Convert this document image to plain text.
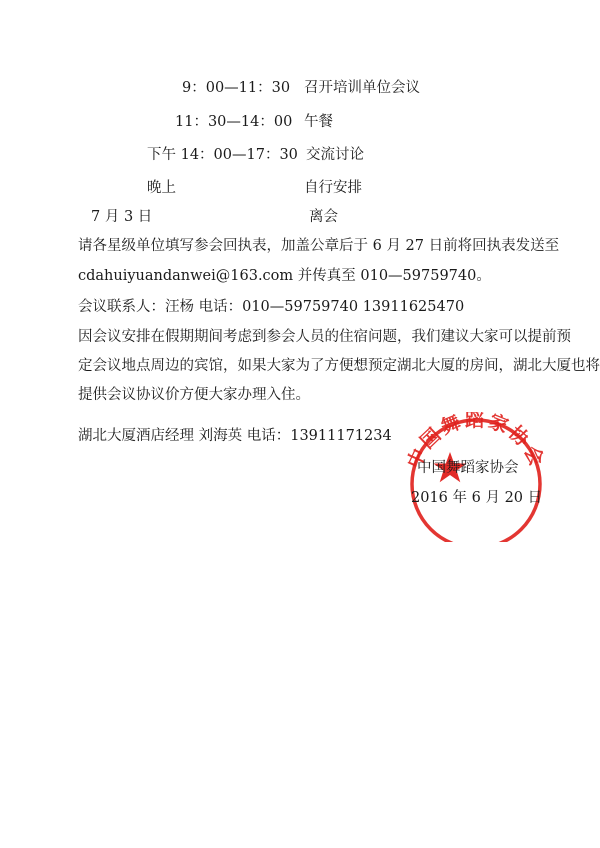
9：00—11：30 召开培训单位会议
11：30—14：00 午餐
下午 14：00—17：30 交流讨论
晚上	自行安排
7 月 3 日	离会
请各星级单位填写参会回执表，加盖公章后于 6 月 27 日前将回执表发送至
cdahuiyuandanwei@163.com 并传真至 010—59759740。
会议联系人：汪杨 电话：010—59759740 13911625470
因会议安排在假期期间考虑到参会人员的住宿问题，我们建议大家可以提前预
定会议地点周边的宾馆，如果大家为了方便想预定湖北大厦的房间，湖北大厦也将
提供会议协议价方便大家办理入住。
湖北大厦酒店经理 刘海英 电话：13911171234
中国舞蹈家协会
中国舞蹈家协会
2016 年 6 月 20 日
